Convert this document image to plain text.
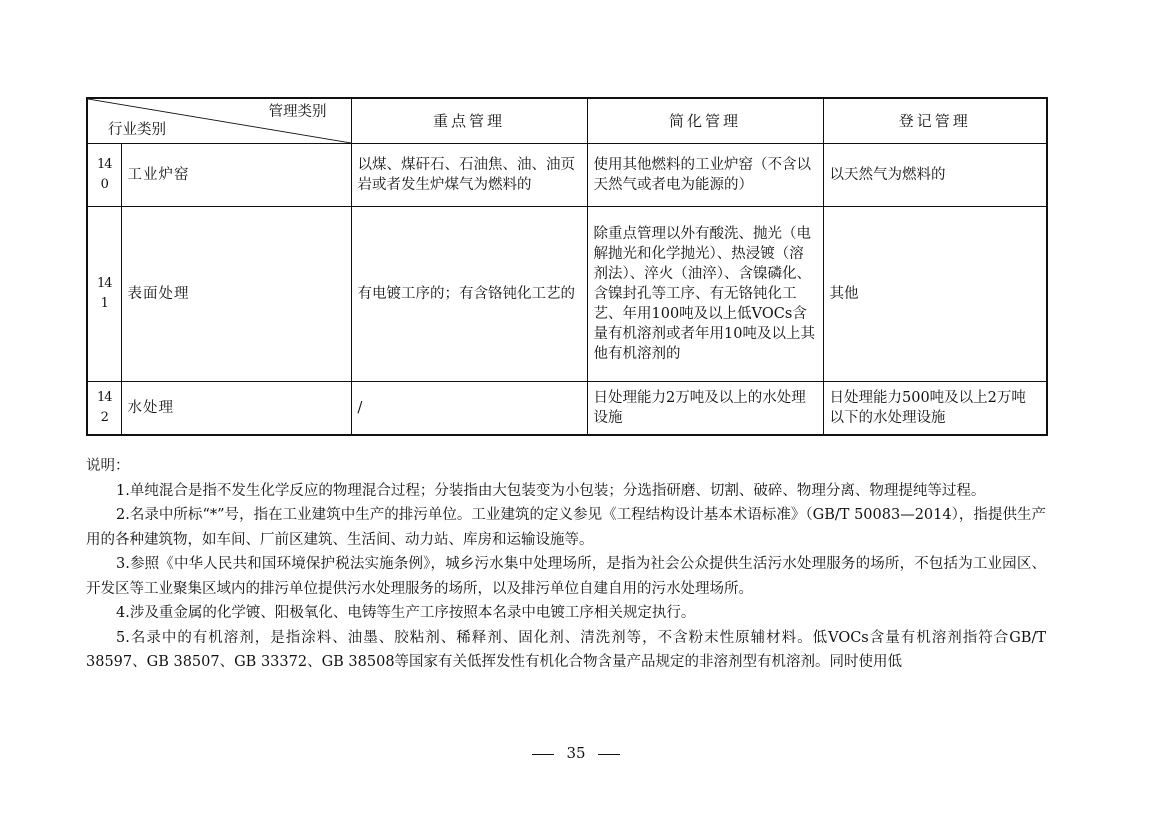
管理类别
行业类别		重点管理	简化管理	登记管理
140	工业炉窑	以煤、煤矸石、石油焦、油、油页岩或者发生炉煤气为燃料的	使用其他燃料的工业炉窑（不含以天然气或者电为能源的）	以天然气为燃料的
141	表面处理	有电镀工序的；有含铬钝化工艺的	除重点管理以外有酸洗、抛光（电解抛光和化学抛光）、热浸镀（溶剂法）、淬火（油淬）、含镍磷化、含镍封孔等工序、有无铬钝化工艺、年用100吨及以上低VOCs含量有机溶剂或者年用10吨及以上其他有机溶剂的	其他
142	水处理	/	日处理能力2万吨及以上的水处理设施	日处理能力500吨及以上2万吨以下的水处理设施

说明：

1.单纯混合是指不发生化学反应的物理混合过程；分装指由大包装变为小包装；分选指研磨、切割、破碎、物理分离、物理提纯等过程。

2.名录中所标“*”号，指在工业建筑中生产的排污单位。工业建筑的定义参见《工程结构设计基本术语标准》（GB/T 50083—2014），指提供生产用的各种建筑物，如车间、厂前区建筑、生活间、动力站、库房和运输设施等。

3.参照《中华人民共和国环境保护税法实施条例》，城乡污水集中处理场所，是指为社会公众提供生活污水处理服务的场所，不包括为工业园区、开发区等工业聚集区域内的排污单位提供污水处理服务的场所，以及排污单位自建自用的污水处理场所。

4.涉及重金属的化学镀、阳极氧化、电铸等生产工序按照本名录中电镀工序相关规定执行。

5.名录中的有机溶剂，是指涂料、油墨、胶粘剂、稀释剂、固化剂、清洗剂等，不含粉末性原辅材料。低VOCs含量有机溶剂指符合GB/T 38597、GB 38507、GB 33372、GB 38508等国家有关低挥发性有机化合物含量产品规定的非溶剂型有机溶剂。同时使用低

35
